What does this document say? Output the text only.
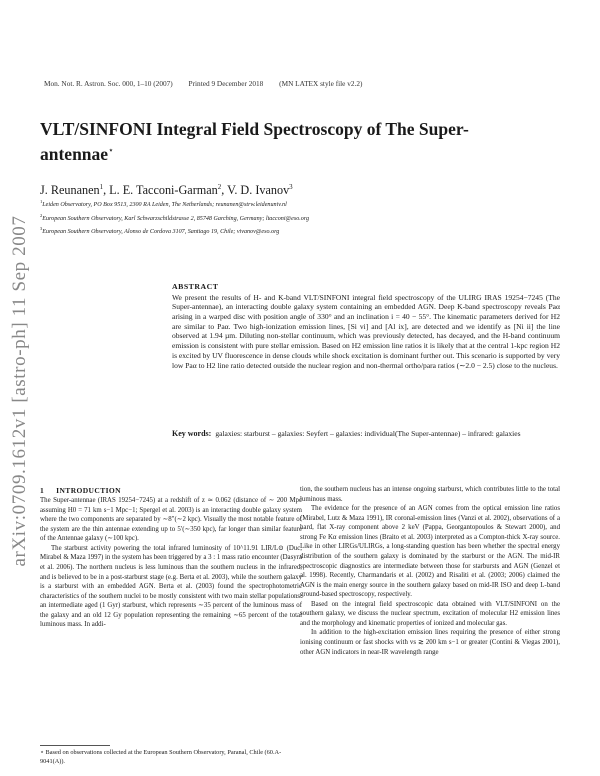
arXiv:0709.1612v1 [astro-ph] 11 Sep 2007
Mon. Not. R. Astron. Soc. 000, 1–10 (2007) Printed 9 December 2018 (MN LATEX style file v2.2)
VLT/SINFONI Integral Field Spectroscopy of The Super-antennae⋆
J. Reunanen$^1$, L. E. Tacconi-Garman$^2$, V. D. Ivanov$^3$
$^1$Leiden Observatory, PO Box 9513, 2300 RA Leiden, The Netherlands; reunanen@strw.leidenuniv.nl
$^2$European Southern Observatory, Karl Schwarzschildstrasse 2, 85748 Garching, Germany; ltacconi@eso.org
$^3$European Southern Observatory, Alonso de Cordova 3107, Santiago 19, Chile; vivanov@eso.org
ABSTRACT
We present the results of H- and K-band VLT/SINFONI integral field spectroscopy of the ULIRG IRAS 19254−7245 (The Super-antennae), an interacting double galaxy system containing an embedded AGN. Deep K-band spectroscopy reveals Paα arising in a warped disc with position angle of 330° and an inclination i = 40 − 55°. The kinematic parameters derived for H2 are similar to Paα. Two high-ionization emission lines, [Si vi] and [Al ix], are detected and we identify as [Ni ii] the line observed at 1.94 µm. Diluting non-stellar continuum, which was previously detected, has decayed, and the H-band continuum emission is consistent with pure stellar emission. Based on H2 emission line ratios it is likely that at the central 1-kpc region H2 is excited by UV fluorescence in dense clouds while shock excitation is dominant further out. This scenario is supported by very low Paα to H2 line ratio detected outside the nuclear region and non-thermal ortho/para ratios (∼2.0 − 2.5) close to the nucleus.
Key words: galaxies: starburst – galaxies: Seyfert – galaxies: individual(The Super-antennae) – infrared: galaxies
1 INTRODUCTION

The Super-antennae (IRAS 19254−7245) at a redshift of z ≃ 0.062 (distance of ∼ 200 Mpc assuming H0 = 71 km s−1 Mpc−1; Spergel et al. 2003) is an interacting double galaxy system where the two components are separated by ∼8″(∼2 kpc). Visually the most notable feature of the system are the thin antennae extending up to 5′(∼350 kpc), far longer than similar feature of the Antennae galaxy (∼100 kpc).

The starburst activity powering the total infrared luminosity of 10^11.91 LIR/L⊙ (Duc, Mirabel & Maza 1997) in the system has been triggered by a 3 : 1 mass ratio encounter (Dasyra et al. 2006). The northern nucleus is less luminous than the southern nucleus in the infrared, and is believed to be in a post-starburst stage (e.g. Berta et al. 2003), while the southern galaxy is a starburst with an embedded AGN. Berta et al. (2003) found the spectrophotometric characteristics of the southern nuclei to be mostly consistent with two main stellar populations: an intermediate aged (1 Gyr) starburst, which represents ∼35 percent of the luminous mass of the galaxy and an old 12 Gy population representing the remaining ∼65 percent of the total luminous mass. In addi-

tion, the southern nucleus has an intense ongoing starburst, which contributes little to the total luminous mass.

The evidence for the presence of an AGN comes from the optical emission line ratios (Mirabel, Lutz & Maza 1991), IR coronal-emission lines (Vanzi et al. 2002), observations of a hard, flat X-ray component above 2 keV (Pappa, Georgantopoulos & Stewart 2000), and strong Fe Kα emission lines (Braito et al. 2003) interpreted as a Compton-thick X-ray source. Like in other LIRGs/ULIRGs, a long-standing question has been whether the spectral energy distribution of the southern galaxy is dominated by the starburst or the AGN. The mid-IR spectroscopic diagnostics are intermediate between those for starbursts and AGN (Genzel et al. 1998). Recently, Charmandaris et al. (2002) and Risaliti et al. (2003; 2006) claimed the AGN is the main energy source in the southern galaxy based on mid-IR ISO and deep L-band ground-based spectroscopy, respectively.

Based on the integral field spectroscopic data obtained with VLT/SINFONI on the southern galaxy, we discuss the nuclear spectrum, excitation of molecular H2 emission lines and the morphology and kinematic properties of ionized and molecular gas.

In addition to the high-excitation emission lines requiring the presence of either strong ionising continuum or fast shocks with vs ≳ 200 km s−1 or greater (Contini & Viegas 2001), other AGN indicators in near-IR wavelength range

⋆ Based on observations collected at the European Southern Observatory, Paranal, Chile (60.A-9041(A)).
